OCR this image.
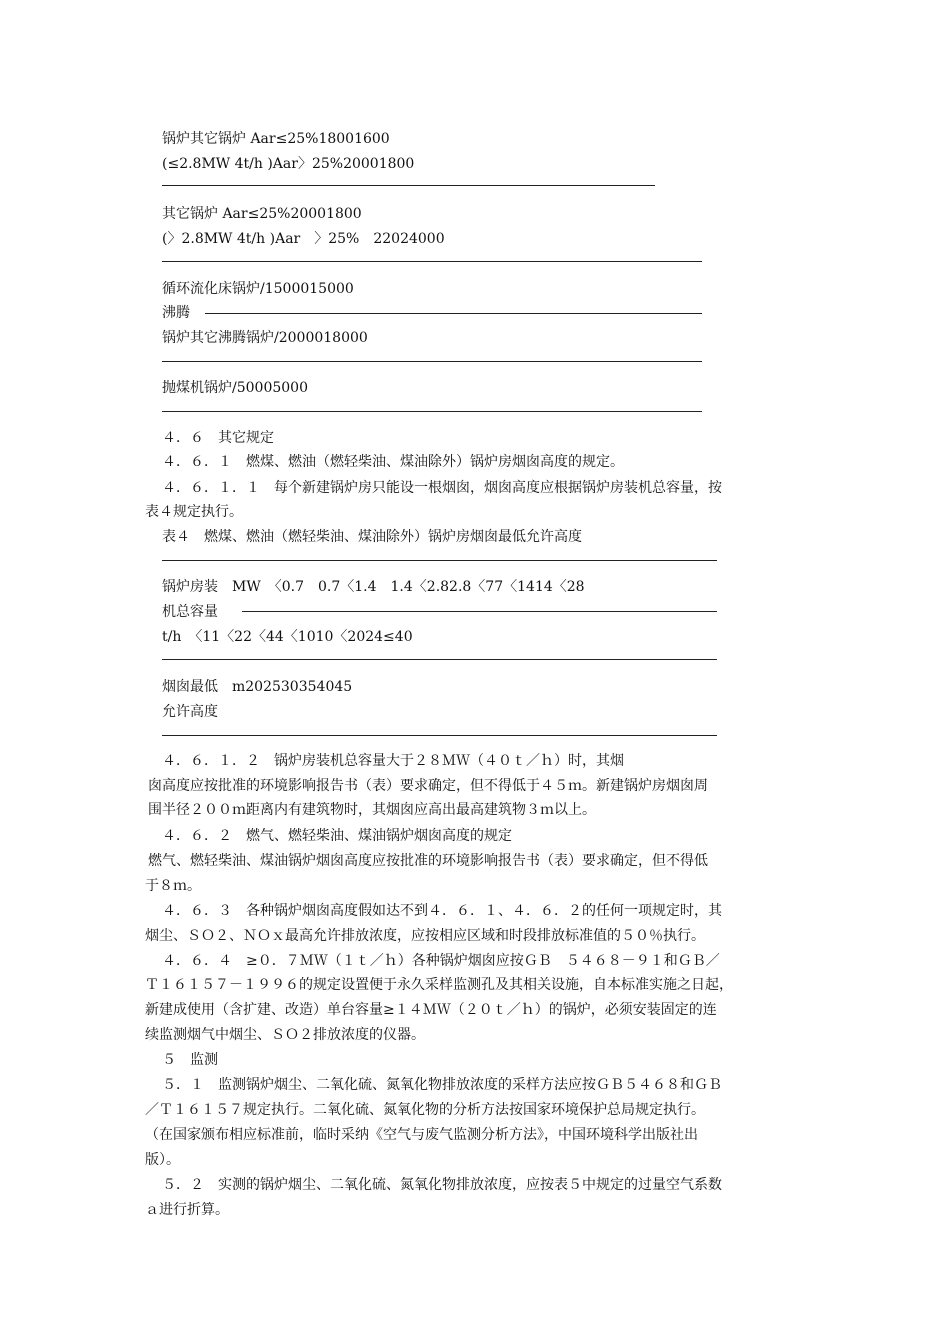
锅炉其它锅炉 Aar≤25%18001600
(≤2.8MW 4t/h )Aar〉25%20001800
其它锅炉 Aar≤25%20001800
(〉2.8MW 4t/h )Aar　〉25%　22024000
循环流化床锅炉/1500015000
沸腾
锅炉其它沸腾锅炉/2000018000
抛煤机锅炉/50005000
４．６　其它规定
４．６．１　燃煤、燃油（燃轻柴油、煤油除外）锅炉房烟囱高度的规定。
４．６．１．１　每个新建锅炉房只能设一根烟囱，烟囱高度应根据锅炉房装机总容量，按
表４规定执行。
表４　燃煤、燃油（燃轻柴油、煤油除外）锅炉房烟囱最低允许高度
锅炉房装　MW　〈0.7　0.7〈1.4　1.4〈2.82.8〈77〈1414〈28
机总容量
t/h　〈11〈22〈44〈1010〈2024≤40
烟囱最低　m202530354045
允许高度
４．６．１．２　锅炉房装机总容量大于２８ＭＷ（４０ｔ／ｈ）时，其烟
囱高度应按批准的环境影响报告书（表）要求确定，但不得低于４５ｍ。新建锅炉房烟囱周
围半径２００ｍ距离内有建筑物时，其烟囱应高出最高建筑物３ｍ以上。
４．６．２　燃气、燃轻柴油、煤油锅炉烟囱高度的规定
燃气、燃轻柴油、煤油锅炉烟囱高度应按批准的环境影响报告书（表）要求确定，但不得低
于８ｍ。
４．６．３　各种锅炉烟囱高度假如达不到４．６．１、４．６．２的任何一项规定时，其
烟尘、ＳＯ２、ＮＯｘ最高允许排放浓度，应按相应区域和时段排放标准值的５０％执行。
４．６．４　≥０．７ＭＷ（１ｔ／ｈ）各种锅炉烟囱应按ＧＢ　５４６８－９１和ＧＢ／
Ｔ１６１５７－１９９６的规定设置便于永久采样监测孔及其相关设施，自本标准实施之日起，
新建成使用（含扩建、改造）单台容量≥１４ＭＷ（２０ｔ／ｈ）的锅炉，必须安装固定的连
续监测烟气中烟尘、ＳＯ２排放浓度的仪器。
５　监测
５．１　监测锅炉烟尘、二氧化硫、氮氧化物排放浓度的采样方法应按ＧＢ５４６８和ＧＢ
／Ｔ１６１５７规定执行。二氧化硫、氮氧化物的分析方法按国家环境保护总局规定执行。
（在国家颁布相应标准前，临时采纳《空气与废气监测分析方法》，中国环境科学出版社出
版）。
５．２　实测的锅炉烟尘、二氧化硫、氮氧化物排放浓度，应按表５中规定的过量空气系数
ａ进行折算。
